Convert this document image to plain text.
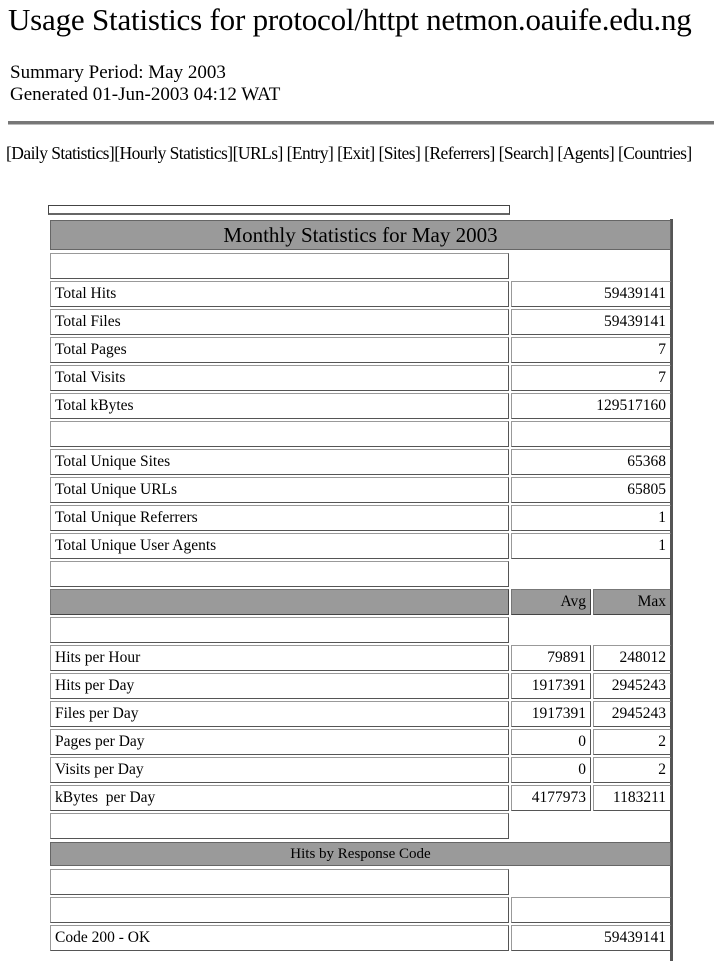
Usage Statistics for protocol/httpt netmon.oauife.edu.ng
Summary Period: May 2003
Generated 01-Jun-2003 04:12 WAT
[Daily Statistics][Hourly Statistics][URLs] [Entry] [Exit] [Sites] [Referrers] [Search] [Agents] [Countries]
Monthly Statistics for May 2003
Total Hits	59439141
Total Files	59439141
Total Pages	7
Total Visits	7
Total kBytes	129517160
Total Unique Sites	65368
Total Unique URLs	65805
Total Unique Referrers	1
Total Unique User Agents	1
Avg	Max
Hits per Hour	79891	248012
Hits per Day	1917391	2945243
Files per Day	1917391	2945243
Pages per Day	0	2
Visits per Day	0	2
kBytes  per Day	4177973	1183211
Hits by Response Code
Code 200 - OK	59439141
